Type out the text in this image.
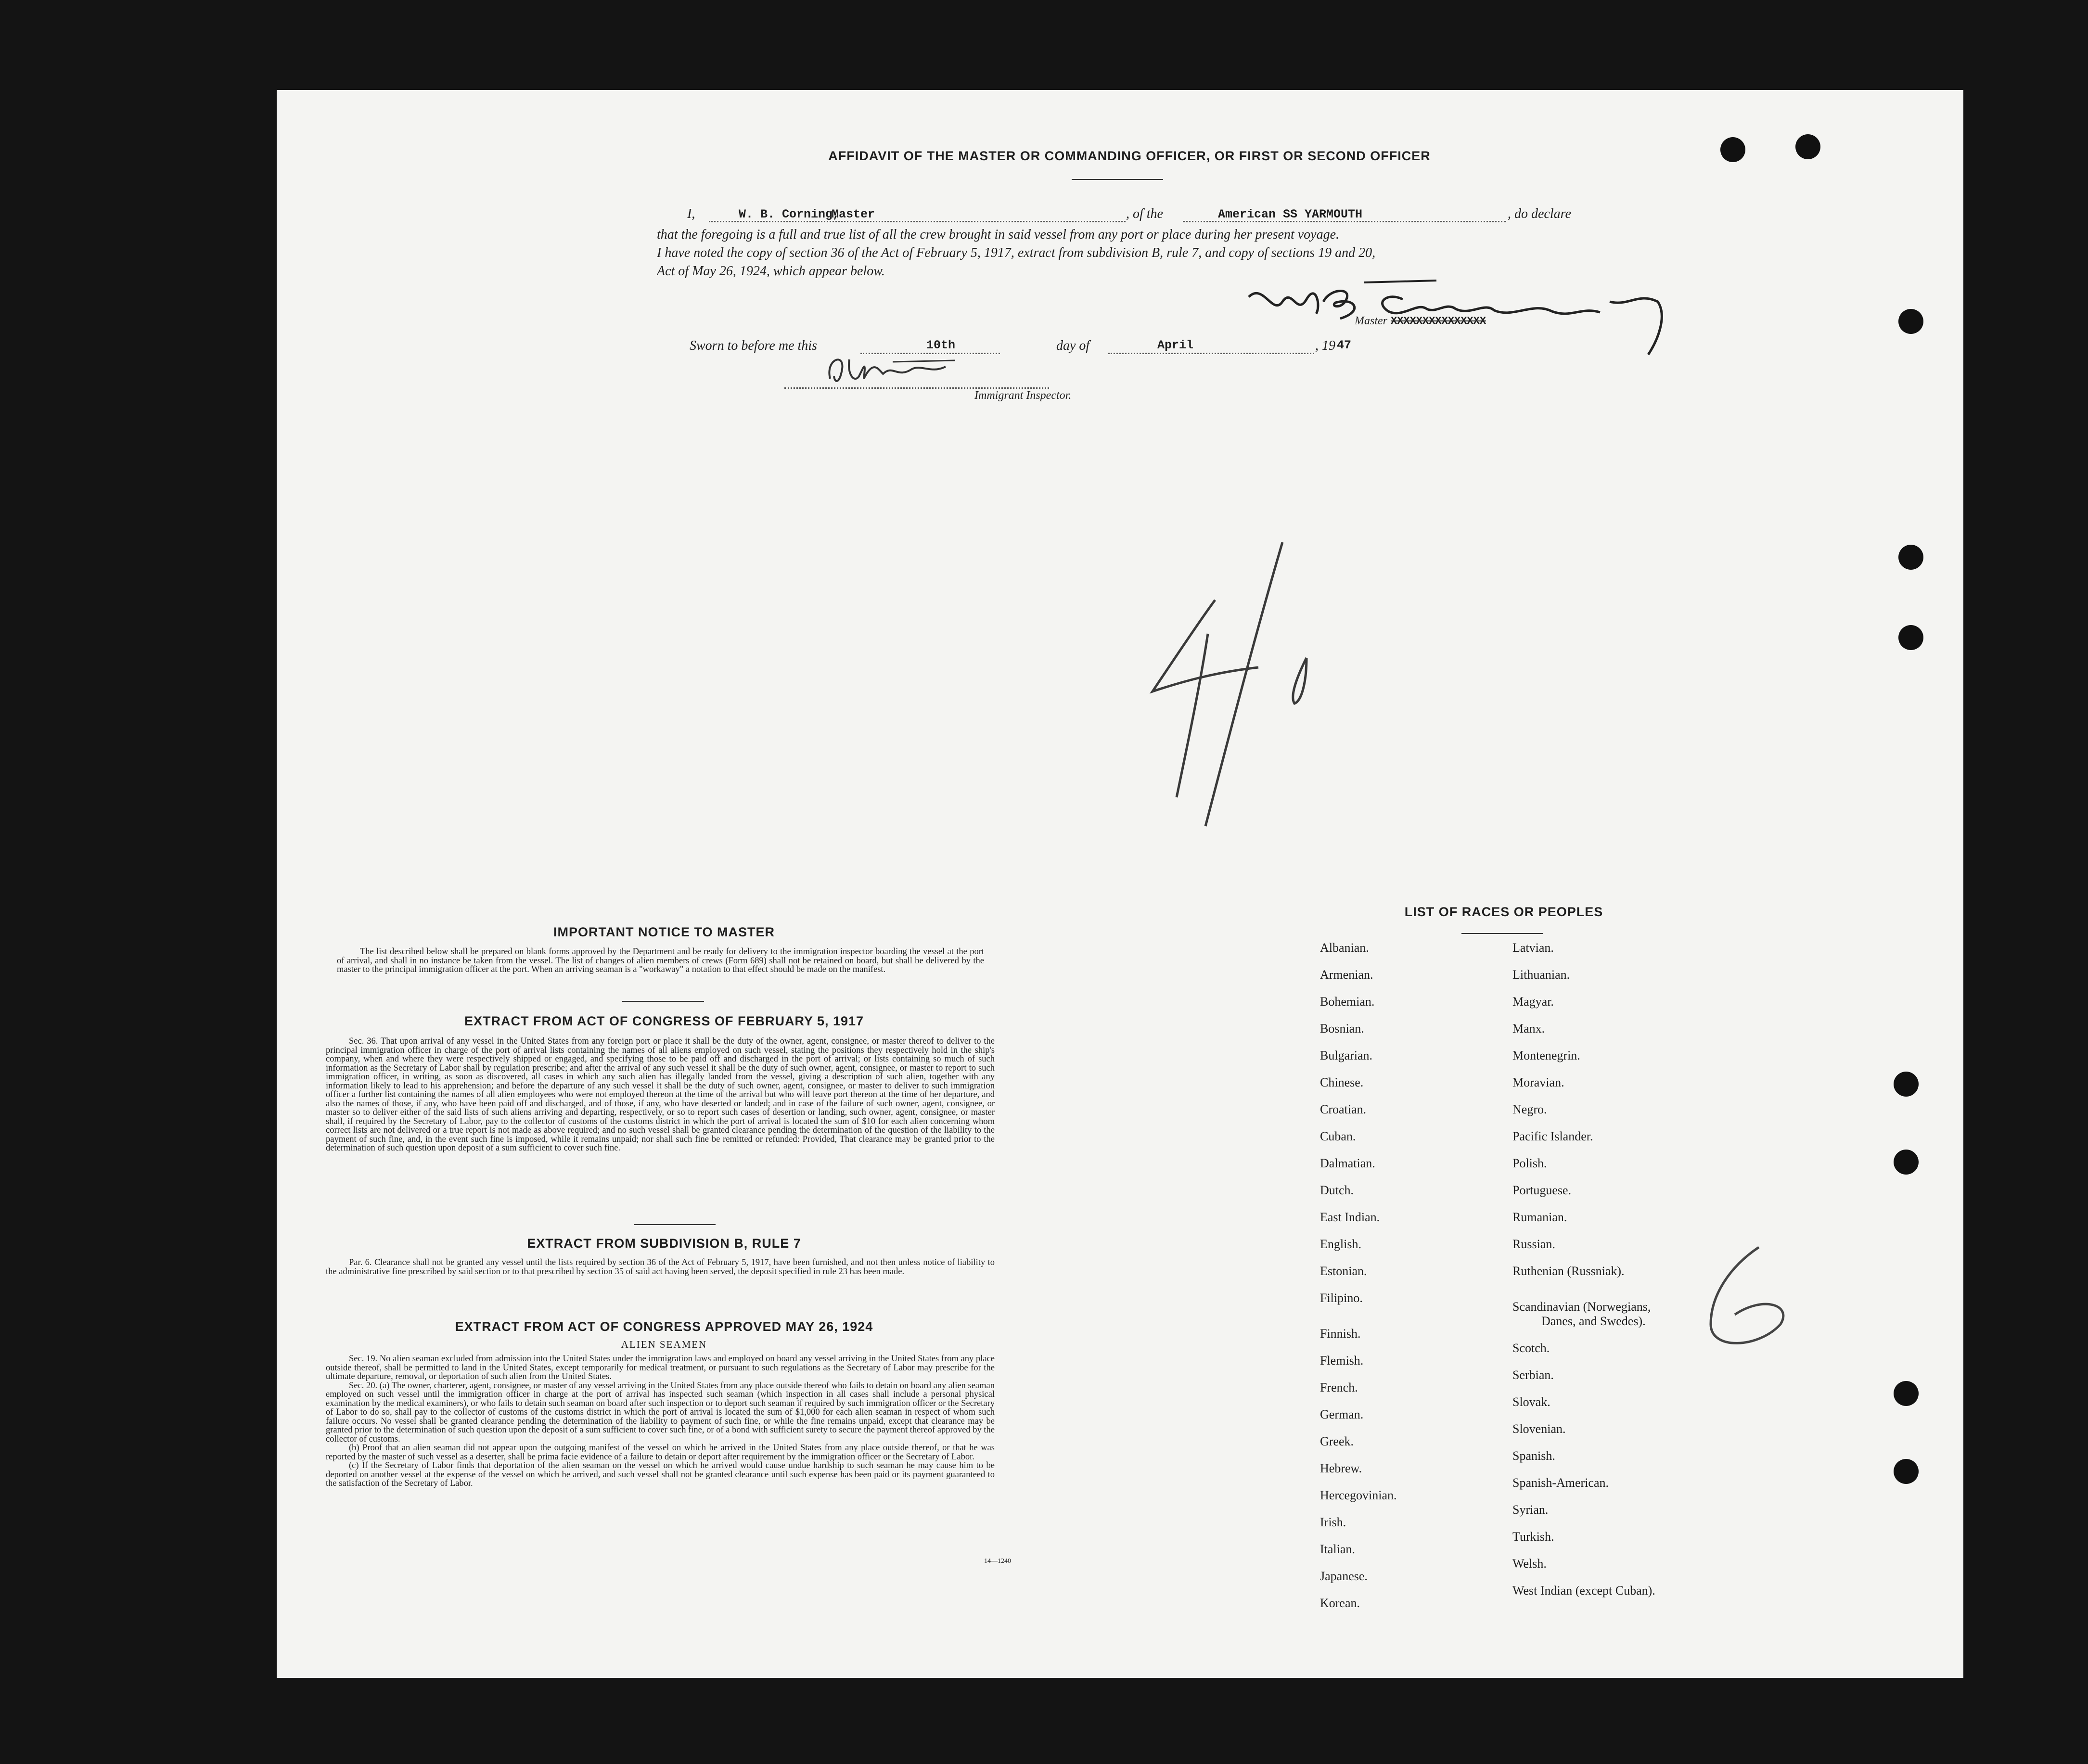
AFFIDAVIT OF THE MASTER OR COMMANDING OFFICER, OR FIRST OR SECOND OFFICER
I,	W. B. Corning,
Master	, of the	American SS YARMOUTH	, do declare
that the foregoing is a full and true list of all the crew brought in said vessel from any port or place during her present voyage.
I have noted the copy of section 36 of the Act of February 5, 1917, extract from subdivision B, rule 7, and copy of sections 19 and 20,
Act of May 26, 1924, which appear below.
Master XXXXXXXXXXXXXXX
Sworn to before me this	10th	day of	April	, 19 47
Immigrant Inspector.
IMPORTANT NOTICE TO MASTER

The list described below shall be prepared on blank forms approved by the Department and be ready for delivery to the immigration inspector boarding the vessel at the port of arrival, and shall in no instance be taken from the vessel. The list of changes of alien members of crews (Form 689) shall not be retained on board, but shall be delivered by the master to the principal immigration officer at the port. When an arriving seaman is a "workaway" a notation to that effect should be made on the manifest.

EXTRACT FROM ACT OF CONGRESS OF FEBRUARY 5, 1917

Sec. 36. That upon arrival of any vessel in the United States from any foreign port or place it shall be the duty of the owner, agent, consignee, or master thereof to deliver to the principal immigration officer in charge of the port of arrival lists containing the names of all aliens employed on such vessel, stating the positions they respectively hold in the ship's company, when and where they were respectively shipped or engaged, and specifying those to be paid off and discharged in the port of arrival; or lists containing so much of such information as the Secretary of Labor shall by regulation prescribe; and after the arrival of any such vessel it shall be the duty of such owner, agent, consignee, or master to report to such immigration officer, in writing, as soon as discovered, all cases in which any such alien has illegally landed from the vessel, giving a description of such alien, together with any information likely to lead to his apprehension; and before the departure of any such vessel it shall be the duty of such owner, agent, consignee, or master to deliver to such immigration officer a further list containing the names of all alien employees who were not employed thereon at the time of the arrival but who will leave port thereon at the time of her departure, and also the names of those, if any, who have been paid off and discharged, and of those, if any, who have deserted or landed; and in case of the failure of such owner, agent, consignee, or master so to deliver either of the said lists of such aliens arriving and departing, respectively, or so to report such cases of desertion or landing, such owner, agent, consignee, or master shall, if required by the Secretary of Labor, pay to the collector of customs of the customs district in which the port of arrival is located the sum of $10 for each alien concerning whom correct lists are not delivered or a true report is not made as above required; and no such vessel shall be granted clearance pending the determination of the question of the liability to the payment of such fine, and, in the event such fine is imposed, while it remains unpaid; nor shall such fine be remitted or refunded: Provided, That clearance may be granted prior to the determination of such question upon deposit of a sum sufficient to cover such fine.

EXTRACT FROM SUBDIVISION B, RULE 7

Par. 6. Clearance shall not be granted any vessel until the lists required by section 36 of the Act of February 5, 1917, have been furnished, and not then unless notice of liability to the administrative fine prescribed by said section or to that prescribed by section 35 of said act having been served, the deposit specified in rule 23 has been made.

EXTRACT FROM ACT OF CONGRESS APPROVED MAY 26, 1924
ALIEN SEAMEN

Sec. 19. No alien seaman excluded from admission into the United States under the immigration laws and employed on board any vessel arriving in the United States from any place outside thereof, shall be permitted to land in the United States, except temporarily for medical treatment, or pursuant to such regulations as the Secretary of Labor may prescribe for the ultimate departure, removal, or deportation of such alien from the United States.

Sec. 20. (a) The owner, charterer, agent, consignee, or master of any vessel arriving in the United States from any place outside thereof who fails to detain on board any alien seaman employed on such vessel until the immigration officer in charge at the port of arrival has inspected such seaman (which inspection in all cases shall include a personal physical examination by the medical examiners), or who fails to detain such seaman on board after such inspection or to deport such seaman if required by such immigration officer or the Secretary of Labor to do so, shall pay to the collector of customs of the customs district in which the port of arrival is located the sum of $1,000 for each alien seaman in respect of whom such failure occurs. No vessel shall be granted clearance pending the determination of the liability to payment of such fine, or while the fine remains unpaid, except that clearance may be granted prior to the determination of such question upon the deposit of a sum sufficient to cover such fine, or of a bond with sufficient surety to secure the payment thereof approved by the collector of customs.

(b) Proof that an alien seaman did not appear upon the outgoing manifest of the vessel on which he arrived in the United States from any place outside thereof, or that he was reported by the master of such vessel as a deserter, shall be prima facie evidence of a failure to detain or deport after requirement by the immigration officer or the Secretary of Labor.

(c) If the Secretary of Labor finds that deportation of the alien seaman on the vessel on which he arrived would cause undue hardship to such seaman he may cause him to be deported on another vessel at the expense of the vessel on which he arrived, and such vessel shall not be granted clearance until such expense has been paid or its payment guaranteed to the satisfaction of the Secretary of Labor.

14—1240
LIST OF RACES OR PEOPLES
Albanian.
Armenian.
Bohemian.
Bosnian.
Bulgarian.
Chinese.
Croatian.
Cuban.
Dalmatian.
Dutch.
East Indian.
English.
Estonian.
Filipino.
Finnish.
Flemish.
French.
German.
Greek.
Hebrew.
Hercegovinian.
Irish.
Italian.
Japanese.
Korean.
Latvian.
Lithuanian.
Magyar.
Manx.
Montenegrin.
Moravian.
Negro.
Pacific Islander.
Polish.
Portuguese.
Rumanian.
Russian.
Ruthenian (Russniak).
Scandinavian (Norwegians,
Danes, and Swedes).
Scotch.
Serbian.
Slovak.
Slovenian.
Spanish.
Spanish-American.
Syrian.
Turkish.
Welsh.
West Indian (except Cuban).
